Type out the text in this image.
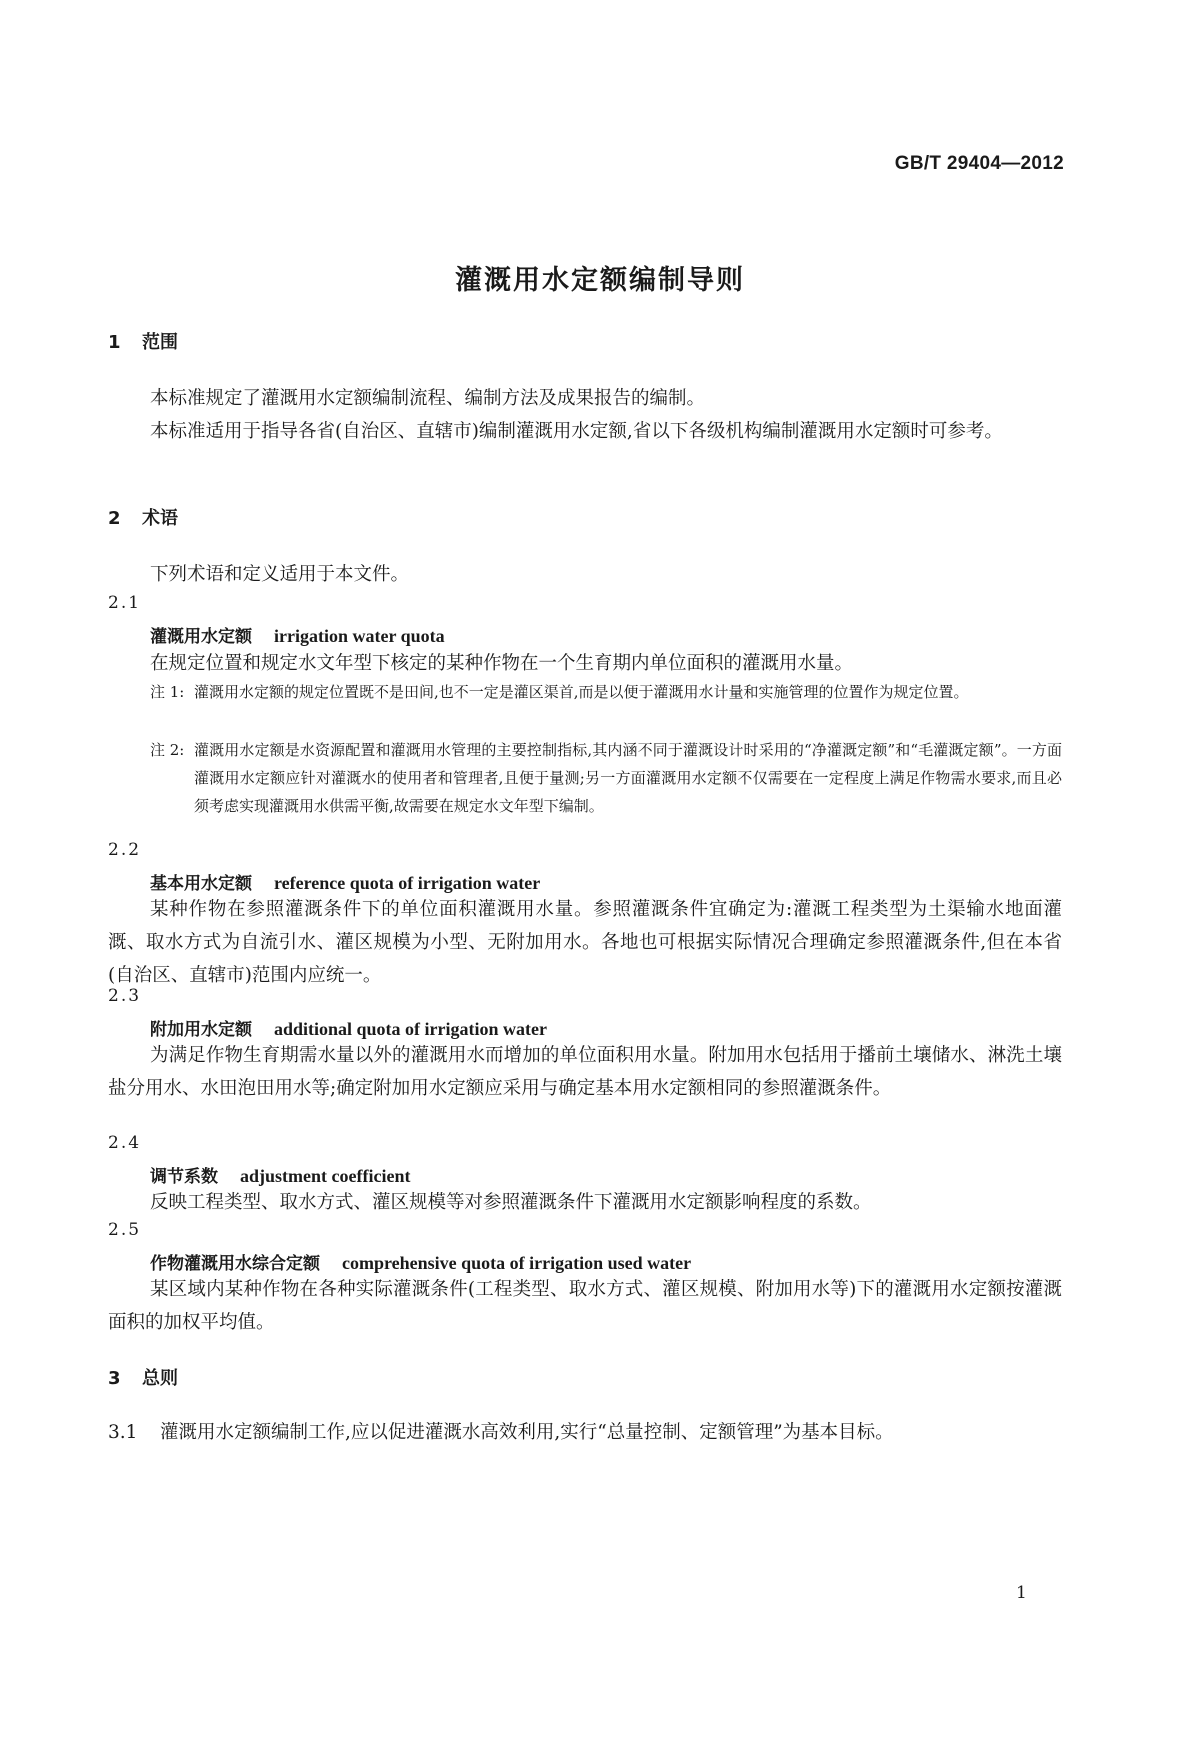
GB/T 29404—2012
灌溉用水定额编制导则
1 范围

本标准规定了灌溉用水定额编制流程、编制方法及成果报告的编制。

本标准适用于指导各省(自治区、直辖市)编制灌溉用水定额,省以下各级机构编制灌溉用水定额时可参考。

2 术语

下列术语和定义适用于本文件。

2.1
灌溉用水定额 irrigation water quota

在规定位置和规定水文年型下核定的某种作物在一个生育期内单位面积的灌溉用水量。

注 1: 灌溉用水定额的规定位置既不是田间,也不一定是灌区渠首,而是以便于灌溉用水计量和实施管理的位置作为规定位置。
注 2: 灌溉用水定额是水资源配置和灌溉用水管理的主要控制指标,其内涵不同于灌溉设计时采用的“净灌溉定额”和“毛灌溉定额”。一方面灌溉用水定额应针对灌溉水的使用者和管理者,且便于量测;另一方面灌溉用水定额不仅需要在一定程度上满足作物需水要求,而且必须考虑实现灌溉用水供需平衡,故需要在规定水文年型下编制。
2.2
基本用水定额 reference quota of irrigation water

某种作物在参照灌溉条件下的单位面积灌溉用水量。参照灌溉条件宜确定为:灌溉工程类型为土渠输水地面灌溉、取水方式为自流引水、灌区规模为小型、无附加用水。各地也可根据实际情况合理确定参照灌溉条件,但在本省(自治区、直辖市)范围内应统一。

2.3
附加用水定额 additional quota of irrigation water

为满足作物生育期需水量以外的灌溉用水而增加的单位面积用水量。附加用水包括用于播前土壤储水、淋洗土壤盐分用水、水田泡田用水等;确定附加用水定额应采用与确定基本用水定额相同的参照灌溉条件。

2.4
调节系数 adjustment coefficient

反映工程类型、取水方式、灌区规模等对参照灌溉条件下灌溉用水定额影响程度的系数。

2.5
作物灌溉用水综合定额 comprehensive quota of irrigation used water

某区域内某种作物在各种实际灌溉条件(工程类型、取水方式、灌区规模、附加用水等)下的灌溉用水定额按灌溉面积的加权平均值。

3 总则
3.1 灌溉用水定额编制工作,应以促进灌溉水高效利用,实行“总量控制、定额管理”为基本目标。
1
